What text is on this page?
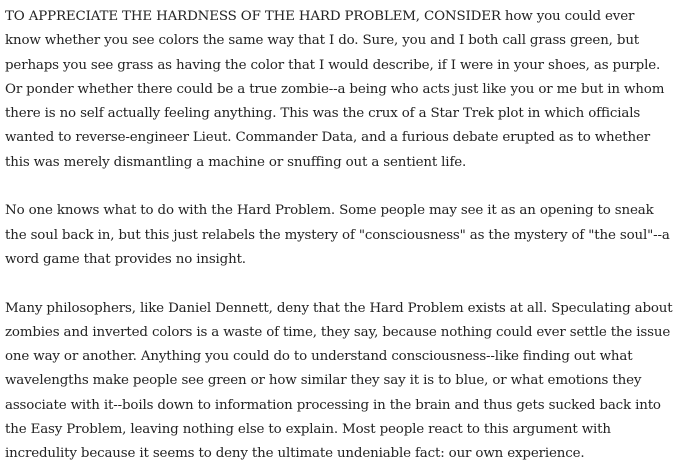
TO APPRECIATE THE HARDNESS OF THE HARD PROBLEM, CONSIDER how you could ever know whether you see colors the same way that I do. Sure, you and I both call grass green, but perhaps you see grass as having the color that I would describe, if I were in your shoes, as purple. Or ponder whether there could be a true zombie--a being who acts just like you or me but in whom there is no self actually feeling anything. This was the crux of a Star Trek plot in which officials wanted to reverse-engineer Lieut. Commander Data, and a furious debate erupted as to whether this was merely dismantling a machine or snuffing out a sentient life.

No one knows what to do with the Hard Problem. Some people may see it as an opening to sneak the soul back in, but this just relabels the mystery of "consciousness" as the mystery of "the soul"--a word game that provides no insight.

Many philosophers, like Daniel Dennett, deny that the Hard Problem exists at all. Speculating about zombies and inverted colors is a waste of time, they say, because nothing could ever settle the issue one way or another. Anything you could do to understand consciousness--like finding out what wavelengths make people see green or how similar they say it is to blue, or what emotions they associate with it--boils down to information processing in the brain and thus gets sucked back into the Easy Problem, leaving nothing else to explain. Most people react to this argument with incredulity because it seems to deny the ultimate undeniable fact: our own experience.
